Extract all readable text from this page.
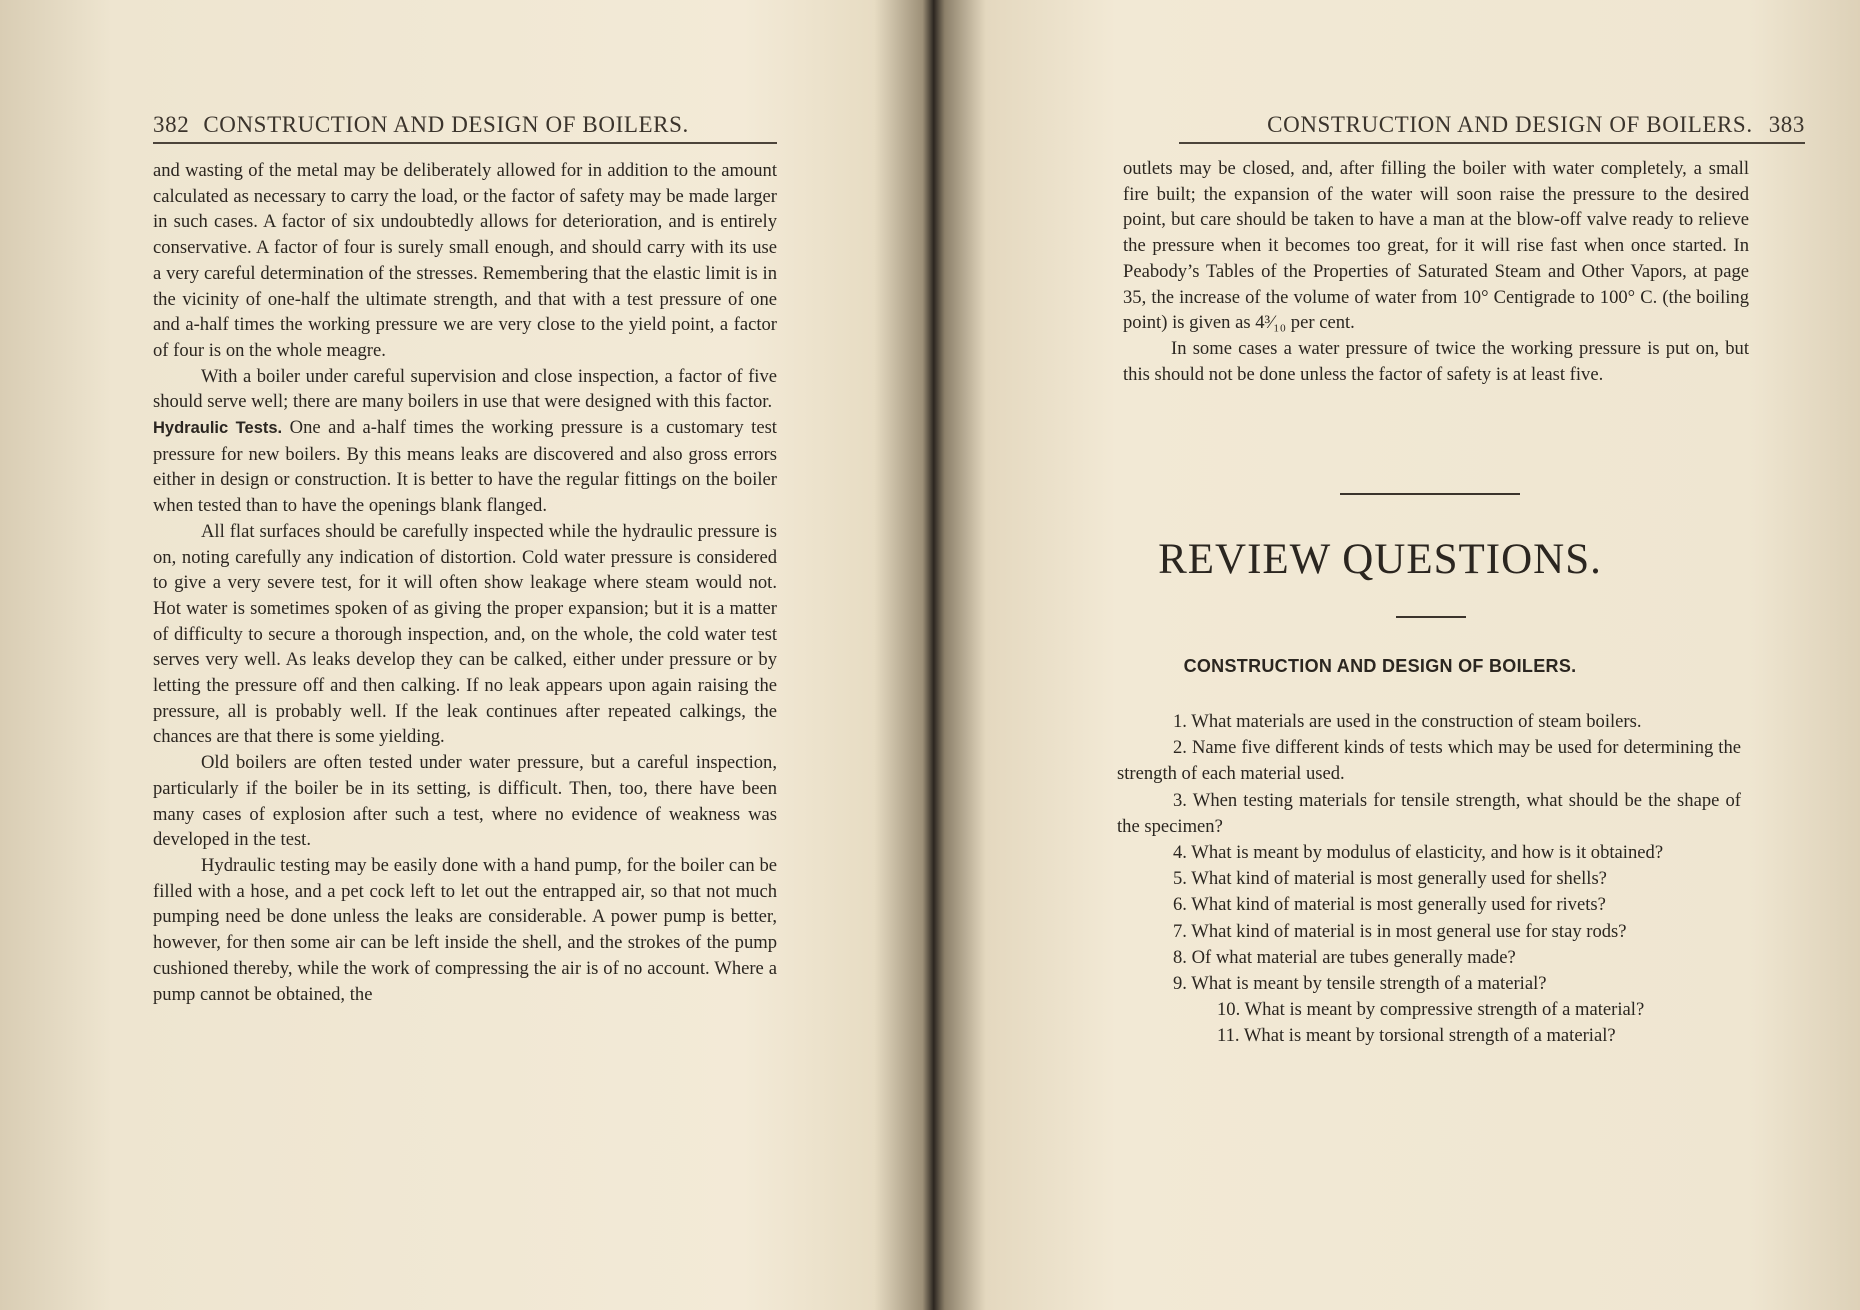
382 CONSTRUCTION AND DESIGN OF BOILERS.

and wasting of the metal may be deliberately allowed for in addition to the amount calculated as necessary to carry the load, or the factor of safety may be made larger in such cases. A factor of six undoubtedly allows for deterioration, and is entirely conservative. A factor of four is surely small enough, and should carry with its use a very careful determination of the stresses. Remembering that the elastic limit is in the vicinity of one-half the ultimate strength, and that with a test pressure of one and a-half times the working pressure we are very close to the yield point, a factor of four is on the whole meagre.

With a boiler under careful supervision and close inspection, a factor of five should serve well; there are many boilers in use that were designed with this factor.

Hydraulic Tests. One and a-half times the working pressure is a customary test pressure for new boilers. By this means leaks are discovered and also gross errors either in design or construction. It is better to have the regular fittings on the boiler when tested than to have the openings blank flanged.

All flat surfaces should be carefully inspected while the hydraulic pressure is on, noting carefully any indication of distortion. Cold water pressure is considered to give a very severe test, for it will often show leakage where steam would not. Hot water is sometimes spoken of as giving the proper expansion; but it is a matter of difficulty to secure a thorough inspection, and, on the whole, the cold water test serves very well. As leaks develop they can be calked, either under pressure or by letting the pressure off and then calking. If no leak appears upon again raising the pressure, all is probably well. If the leak continues after repeated calkings, the chances are that there is some yielding.

Old boilers are often tested under water pressure, but a careful inspection, particularly if the boiler be in its setting, is difficult. Then, too, there have been many cases of explosion after such a test, where no evidence of weakness was developed in the test.

Hydraulic testing may be easily done with a hand pump, for the boiler can be filled with a hose, and a pet cock left to let out the entrapped air, so that not much pumping need be done unless the leaks are considerable. A power pump is better, however, for then some air can be left inside the shell, and the strokes of the pump cushioned thereby, while the work of compressing the air is of no account. Where a pump cannot be obtained, the

CONSTRUCTION AND DESIGN OF BOILERS. 383

outlets may be closed, and, after filling the boiler with water completely, a small fire built; the expansion of the water will soon raise the pressure to the desired point, but care should be taken to have a man at the blow-off valve ready to relieve the pressure when it becomes too great, for it will rise fast when once started. In Peabody’s Tables of the Properties of Saturated Steam and Other Vapors, at page 35, the increase of the volume of water from 10° Centigrade to 100° C. (the boiling point) is given as 4³⁄₁₀ per cent.

In some cases a water pressure of twice the working pressure is put on, but this should not be done unless the factor of safety is at least five.

REVIEW QUESTIONS.
CONSTRUCTION AND DESIGN OF BOILERS.
1. What materials are used in the construction of steam boilers.
2. Name five different kinds of tests which may be used for determining the strength of each material used.
3. When testing materials for tensile strength, what should be the shape of the specimen?
4. What is meant by modulus of elasticity, and how is it obtained?
5. What kind of material is most generally used for shells?
6. What kind of material is most generally used for rivets?
7. What kind of material is in most general use for stay rods?
8. Of what material are tubes generally made?
9. What is meant by tensile strength of a material?
10. What is meant by compressive strength of a material?
11. What is meant by torsional strength of a material?
